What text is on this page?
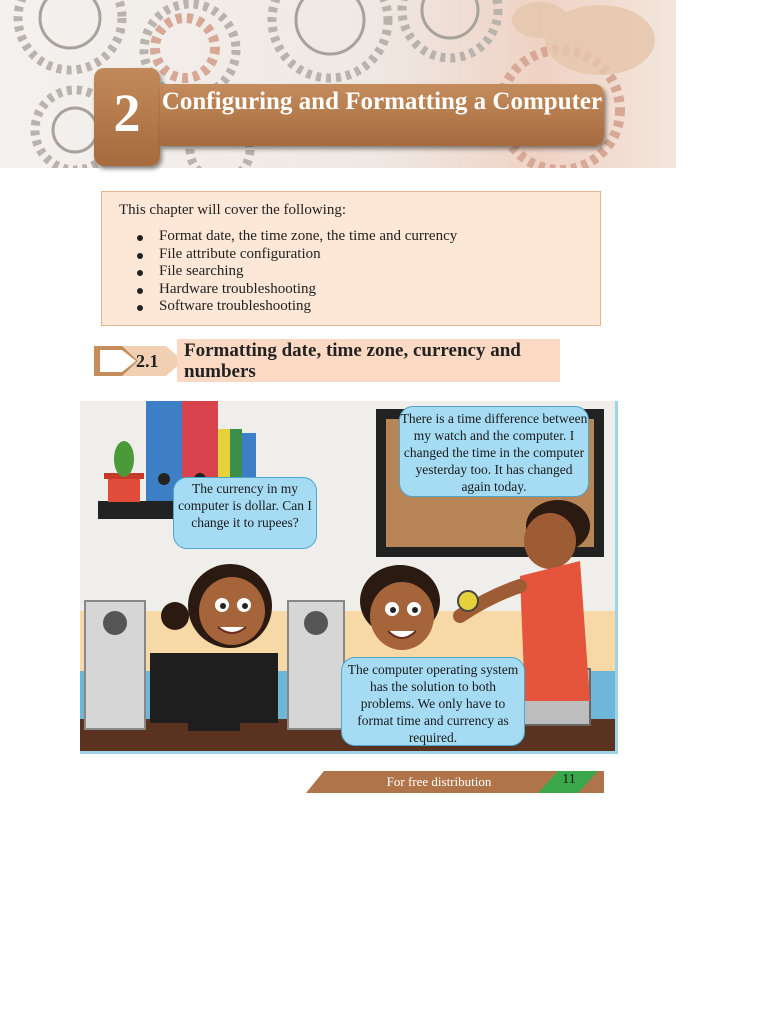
2 Configuring and Formatting a Computer
This chapter will cover the following:
Format date, the time zone, the time and currency
File attribute configuration
File searching
Hardware troubleshooting
Software troubleshooting
2.1 Formatting date, time zone, currency and numbers
The currency in my computer is dollar. Can I change it to rupees?
There is a time difference between my watch and the computer. I changed the time in the computer yesterday too. It has changed again today.
The computer operating system has the solution to both problems. We only have to format time and currency as required.
For free distribution	11
